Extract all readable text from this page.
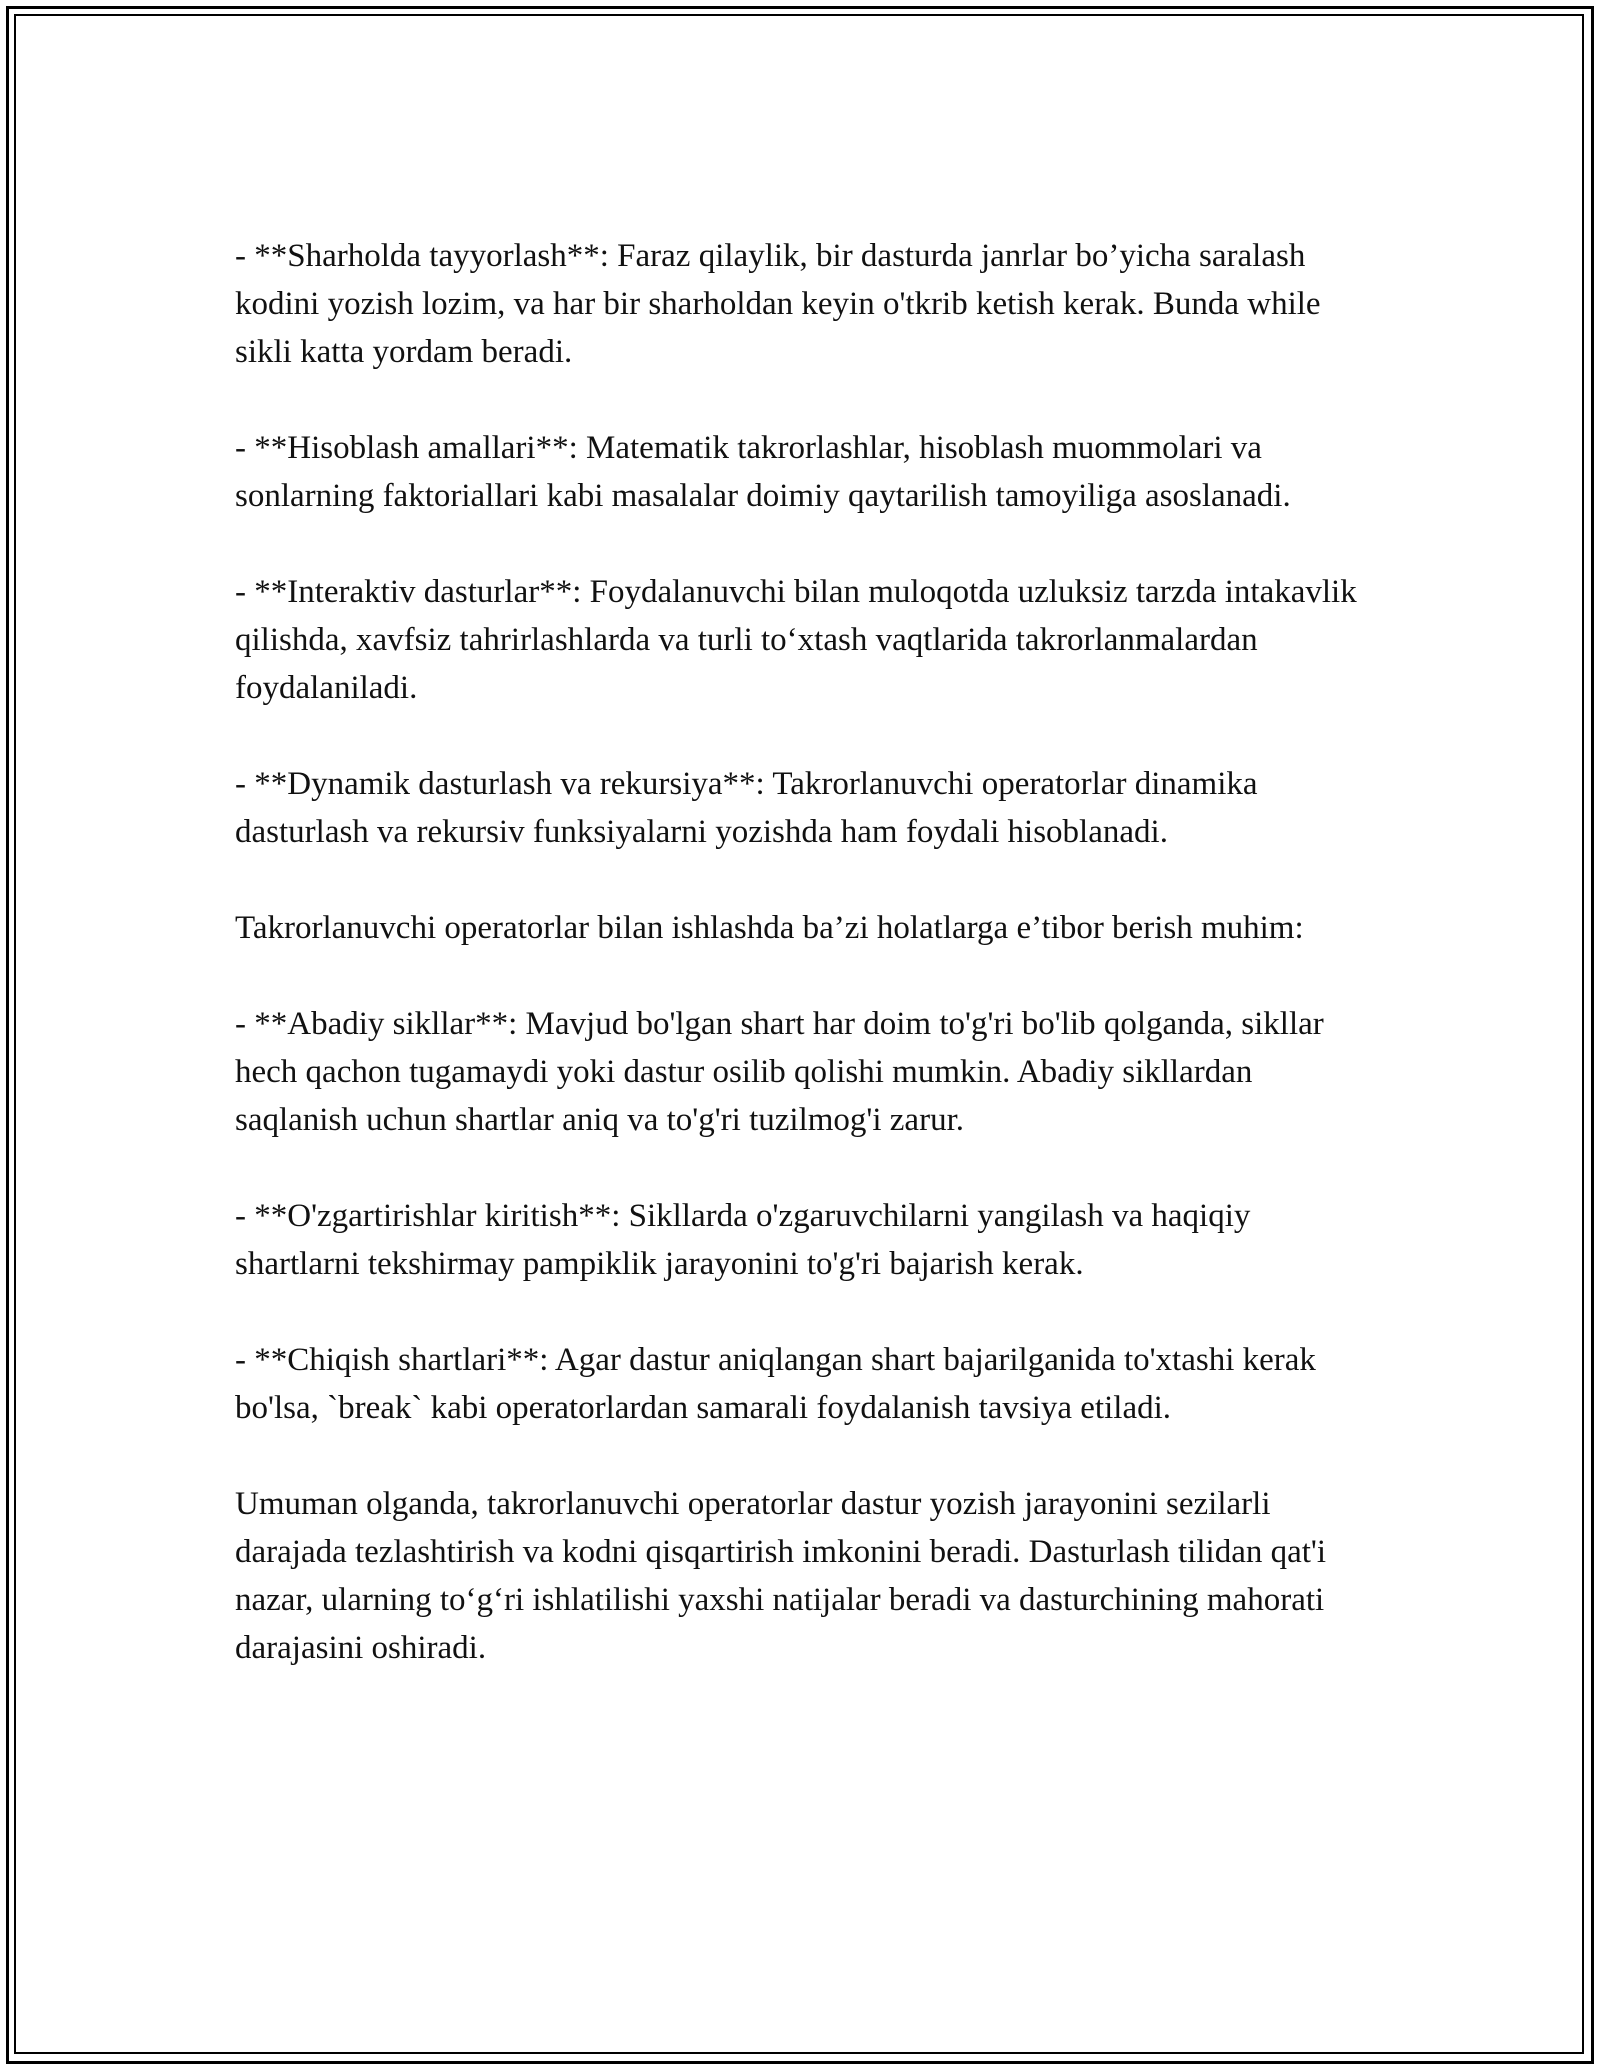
- **Sharholda tayyorlash**: Faraz qilaylik, bir dasturda janrlar bo’yicha saralash kodini yozish lozim, va har bir sharholdan keyin o'tkrib ketish kerak. Bunda while sikli katta yordam beradi.

- **Hisoblash amallari**: Matematik takrorlashlar, hisoblash muommolari va sonlarning faktoriallari kabi masalalar doimiy qaytarilish tamoyiliga asoslanadi.

- **Interaktiv dasturlar**: Foydalanuvchi bilan muloqotda uzluksiz tarzda intakavlik qilishda, xavfsiz tahrirlashlarda va turli to‘xtash vaqtlarida takrorlanmalardan foydalaniladi.

- **Dynamik dasturlash va rekursiya**: Takrorlanuvchi operatorlar dinamika dasturlash va rekursiv funksiyalarni yozishda ham foydali hisoblanadi.

Takrorlanuvchi operatorlar bilan ishlashda ba’zi holatlarga e’tibor berish muhim:

- **Abadiy sikllar**: Mavjud bo'lgan shart har doim to'g'ri bo'lib qolganda, sikllar hech qachon tugamaydi yoki dastur osilib qolishi mumkin. Abadiy sikllardan saqlanish uchun shartlar aniq va to'g'ri tuzilmog'i zarur.

- **O'zgartirishlar kiritish**: Sikllarda o'zgaruvchilarni yangilash va haqiqiy shartlarni tekshirmay pampiklik jarayonini to'g'ri bajarish kerak.

- **Chiqish shartlari**: Agar dastur aniqlangan shart bajarilganida to'xtashi kerak bo'lsa, `break` kabi operatorlardan samarali foydalanish tavsiya etiladi.

Umuman olganda, takrorlanuvchi operatorlar dastur yozish jarayonini sezilarli darajada tezlashtirish va kodni qisqartirish imkonini beradi. Dasturlash tilidan qat'i nazar, ularning to‘g‘ri ishlatilishi yaxshi natijalar beradi va dasturchining mahorati darajasini oshiradi.
